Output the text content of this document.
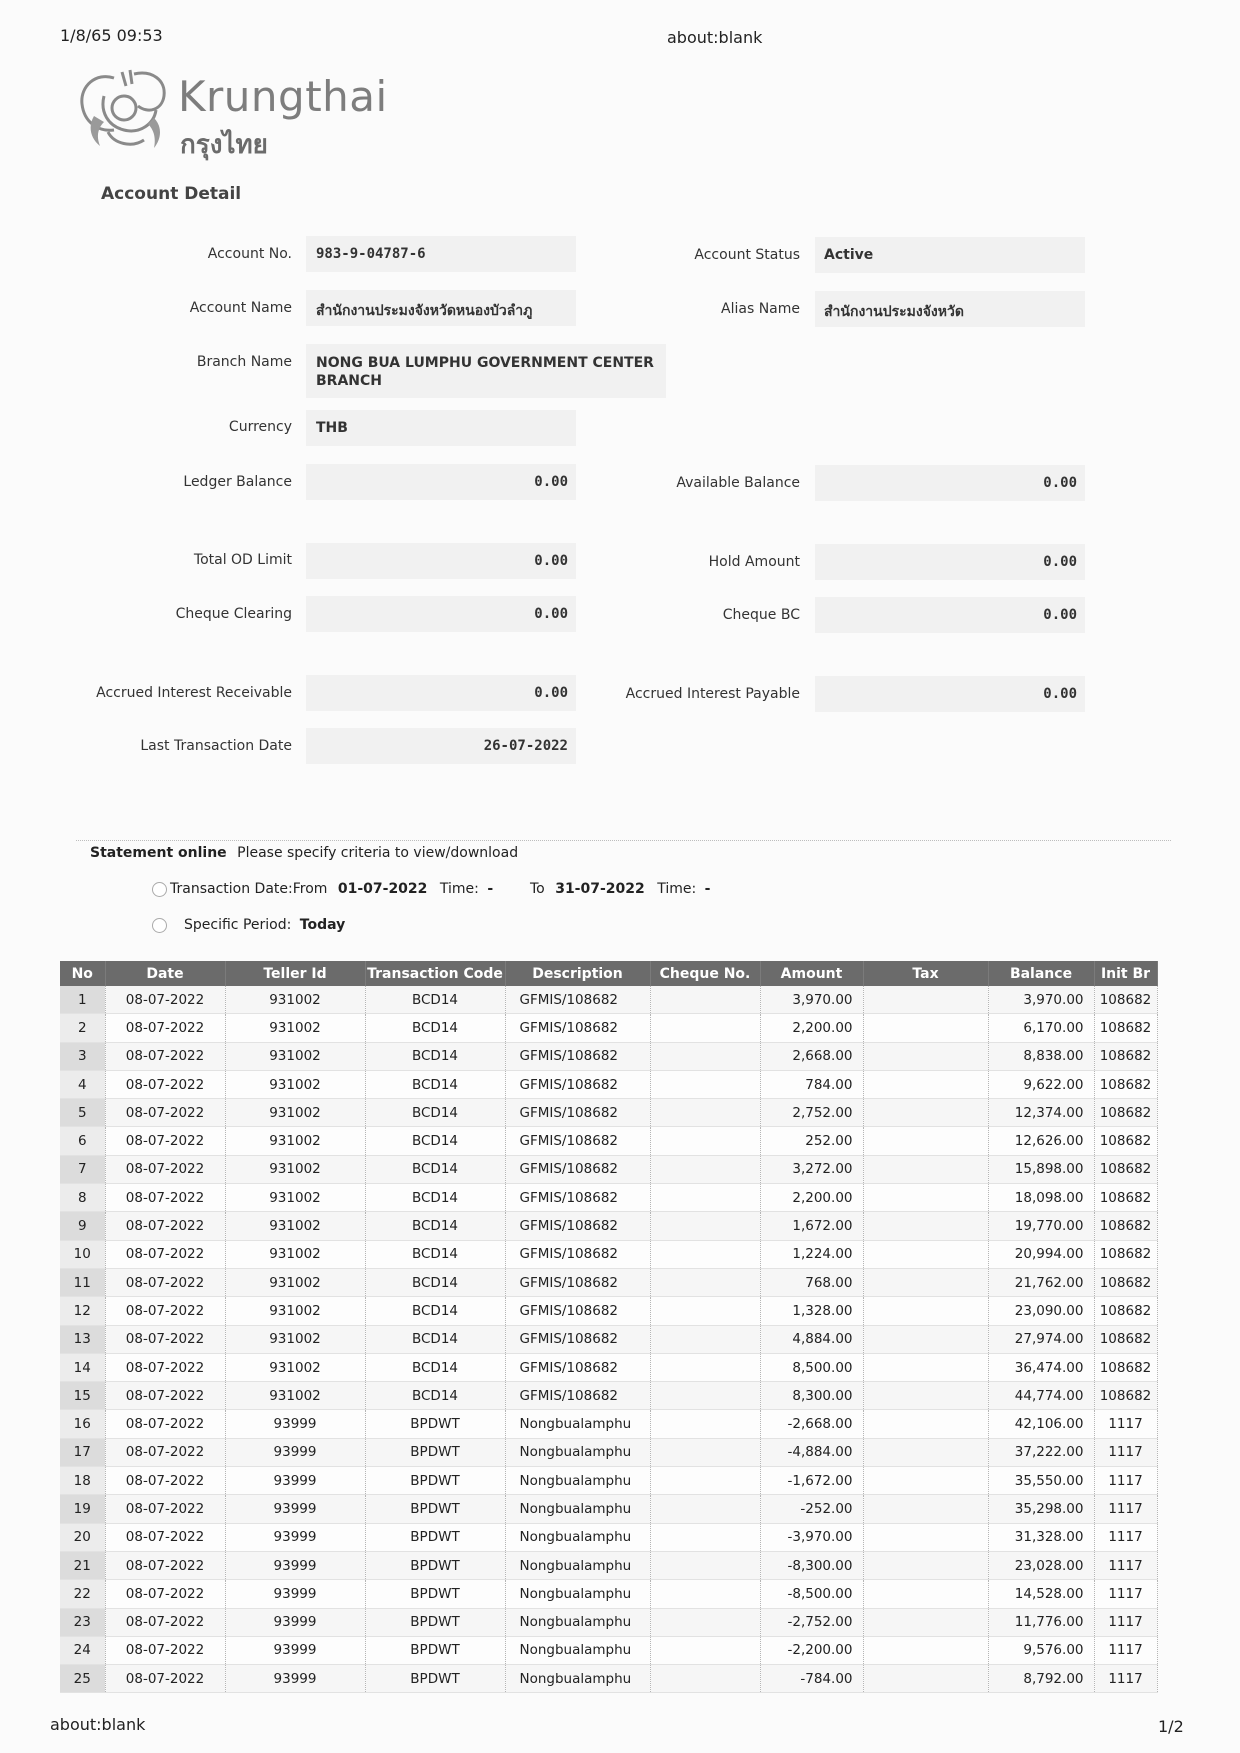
1/8/65 09:53	about:blank
Krungthai
กรุงไทย
Account Detail
Account No. 983-9-04787-6
Account Name สำนักงานประมงจังหวัดหนองบัวลำภู
Branch Name NONG BUA LUMPHU GOVERNMENT CENTER
BRANCH
Currency THB
Ledger Balance	0.00
Total OD Limit	0.00
Cheque Clearing	0.00
Accrued Interest Receivable	0.00
Last Transaction Date	26-07-2022
Account Status Active
Alias Name สำนักงานประมงจังหวัด
Available Balance	0.00
Hold Amount	0.00
Cheque BC	0.00
Accrued Interest Payable	0.00
Statement online Please specify criteria to view/download
Transaction Date:From 01-07-2022 Time: -	To 31-07-2022 Time: -
Specific Period: Today
No	Date	Teller Id	Transaction Code	Description	Cheque No.	Amount	Tax	Balance	Init Br
1	08-07-2022	931002	BCD14	GFMIS/108682		3,970.00		3,970.00	108682
2	08-07-2022	931002	BCD14	GFMIS/108682		2,200.00		6,170.00	108682
3	08-07-2022	931002	BCD14	GFMIS/108682		2,668.00		8,838.00	108682
4	08-07-2022	931002	BCD14	GFMIS/108682		784.00		9,622.00	108682
5	08-07-2022	931002	BCD14	GFMIS/108682		2,752.00		12,374.00	108682
6	08-07-2022	931002	BCD14	GFMIS/108682		252.00		12,626.00	108682
7	08-07-2022	931002	BCD14	GFMIS/108682		3,272.00		15,898.00	108682
8	08-07-2022	931002	BCD14	GFMIS/108682		2,200.00		18,098.00	108682
9	08-07-2022	931002	BCD14	GFMIS/108682		1,672.00		19,770.00	108682
10	08-07-2022	931002	BCD14	GFMIS/108682		1,224.00		20,994.00	108682
11	08-07-2022	931002	BCD14	GFMIS/108682		768.00		21,762.00	108682
12	08-07-2022	931002	BCD14	GFMIS/108682		1,328.00		23,090.00	108682
13	08-07-2022	931002	BCD14	GFMIS/108682		4,884.00		27,974.00	108682
14	08-07-2022	931002	BCD14	GFMIS/108682		8,500.00		36,474.00	108682
15	08-07-2022	931002	BCD14	GFMIS/108682		8,300.00		44,774.00	108682
16	08-07-2022	93999	BPDWT	Nongbualamphu		-2,668.00		42,106.00	1117
17	08-07-2022	93999	BPDWT	Nongbualamphu		-4,884.00		37,222.00	1117
18	08-07-2022	93999	BPDWT	Nongbualamphu		-1,672.00		35,550.00	1117
19	08-07-2022	93999	BPDWT	Nongbualamphu		-252.00		35,298.00	1117
20	08-07-2022	93999	BPDWT	Nongbualamphu		-3,970.00		31,328.00	1117
21	08-07-2022	93999	BPDWT	Nongbualamphu		-8,300.00		23,028.00	1117
22	08-07-2022	93999	BPDWT	Nongbualamphu		-8,500.00		14,528.00	1117
23	08-07-2022	93999	BPDWT	Nongbualamphu		-2,752.00		11,776.00	1117
24	08-07-2022	93999	BPDWT	Nongbualamphu		-2,200.00		9,576.00	1117
25	08-07-2022	93999	BPDWT	Nongbualamphu		-784.00		8,792.00	1117
about:blank	1/2
